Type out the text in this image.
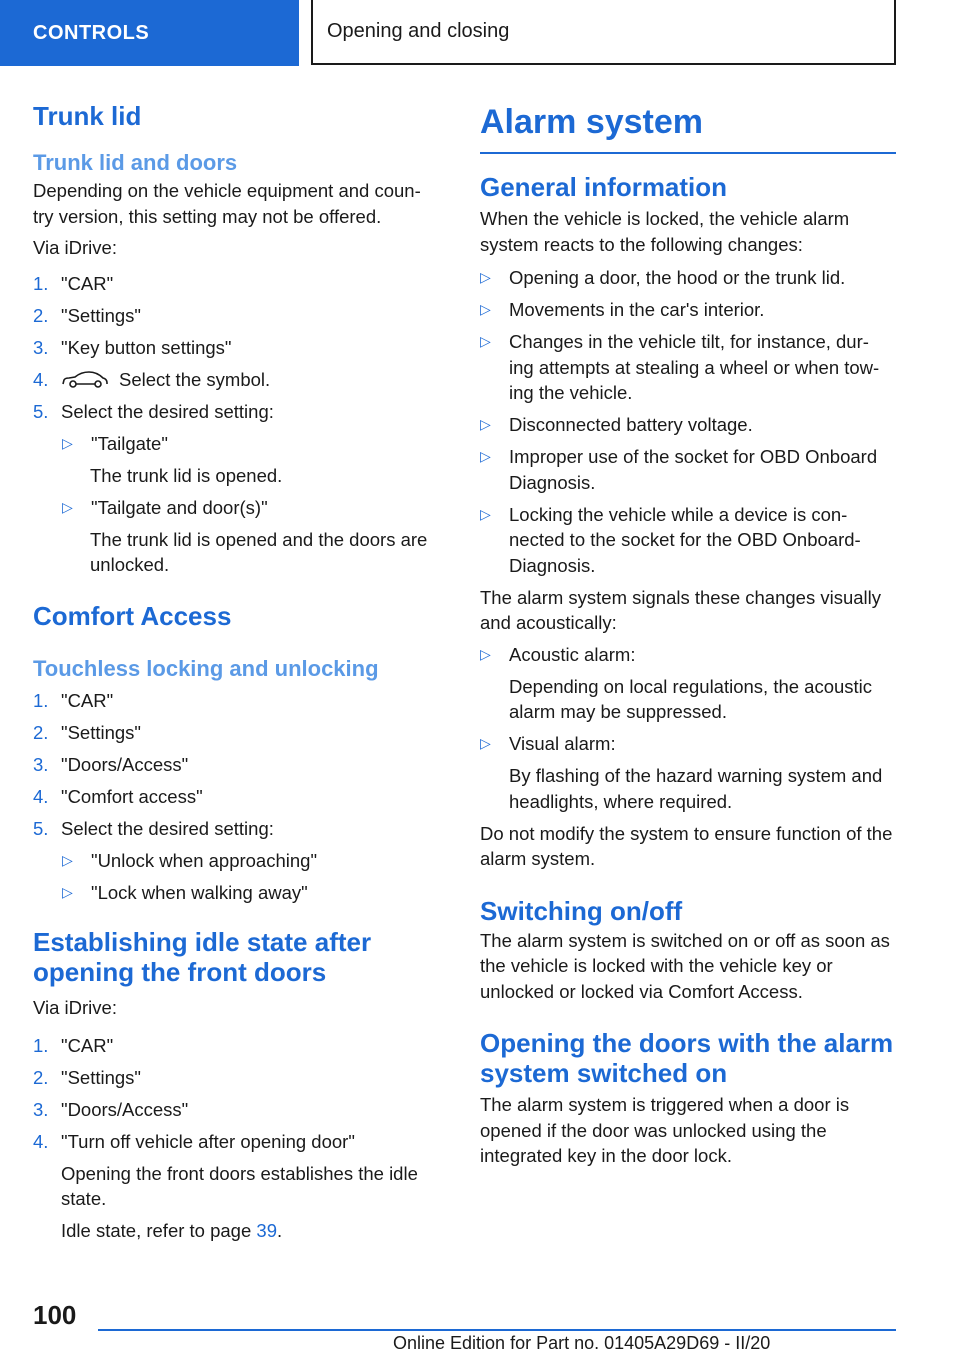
CONTROLS	Opening and closing
Trunk lid
Trunk lid and doors

Depending on the vehicle equipment and coun‐ try version, this setting may not be offered.

Via iDrive:

1. "CAR"
2. "Settings"
3. "Key button settings"
4.	Select the symbol.
5. Select the desired setting:
▷ "Tailgate"
The trunk lid is opened.
▷ "Tailgate and door(s)"
The trunk lid is opened and the doors are unlocked.
Comfort Access
Touchless locking and unlocking
1. "CAR"
2. "Settings"
3. "Doors/Access"
4. "Comfort access"
5. Select the desired setting:
▷ "Unlock when approaching"
▷ "Lock when walking away"
Establishing idle state after opening the front doors

Via iDrive:

1. "CAR"
2. "Settings"
3. "Doors/Access"
4. "Turn off vehicle after opening door"
Opening the front doors establishes the idle state.
Idle state, refer to page 39.
Alarm system
General information

When the vehicle is locked, the vehicle alarm system reacts to the following changes:

▷ Opening a door, the hood or the trunk lid.
▷ Movements in the car's interior.
▷ Changes in the vehicle tilt, for instance, dur‐ ing attempts at stealing a wheel or when tow‐ ing the vehicle.
▷ Disconnected battery voltage.
▷ Improper use of the socket for OBD Onboard Diagnosis.
▷ Locking the vehicle while a device is con‐ nected to the socket for the OBD Onboard- Diagnosis.

The alarm system signals these changes visually and acoustically:

▷ Acoustic alarm:
Depending on local regulations, the acoustic alarm may be suppressed.
▷ Visual alarm:
By flashing of the hazard warning system and headlights, where required.

Do not modify the system to ensure function of the alarm system.

Switching on/off

The alarm system is switched on or off as soon as the vehicle is locked with the vehicle key or unlocked or locked via Comfort Access.

Opening the doors with the alarm system switched on

The alarm system is triggered when a door is opened if the door was unlocked using the integrated key in the door lock.

100
Online Edition for Part no. 01405A29D69 - II/20
